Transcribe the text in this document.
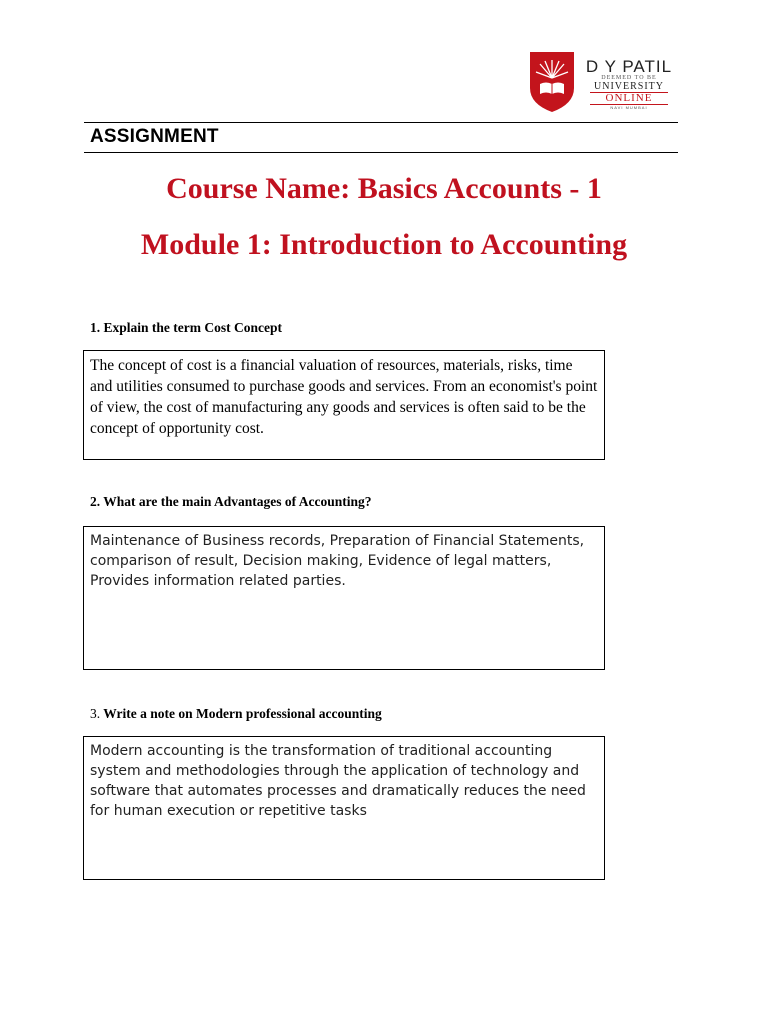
D Y PATIL
DEEMED TO BE
UNIVERSITY
ONLINE
NAVI MUMBAI
ASSIGNMENT
Course Name: Basics Accounts - 1
Module 1: Introduction to Accounting
1. Explain the term Cost Concept
The concept of cost is a financial valuation of resources, materials, risks, time and utilities consumed to purchase goods and services. From an economist's point of view, the cost of manufacturing any goods and services is often said to be the concept of opportunity cost.
2. What are the main Advantages of Accounting?
Maintenance of Business records, Preparation of Financial Statements, comparison of result, Decision making, Evidence of legal matters, Provides information related parties.
3. Write a note on Modern professional accounting
Modern accounting is the transformation of traditional accounting system and methodologies through the application of technology and software that automates processes and dramatically reduces the need for human execution or repetitive tasks
